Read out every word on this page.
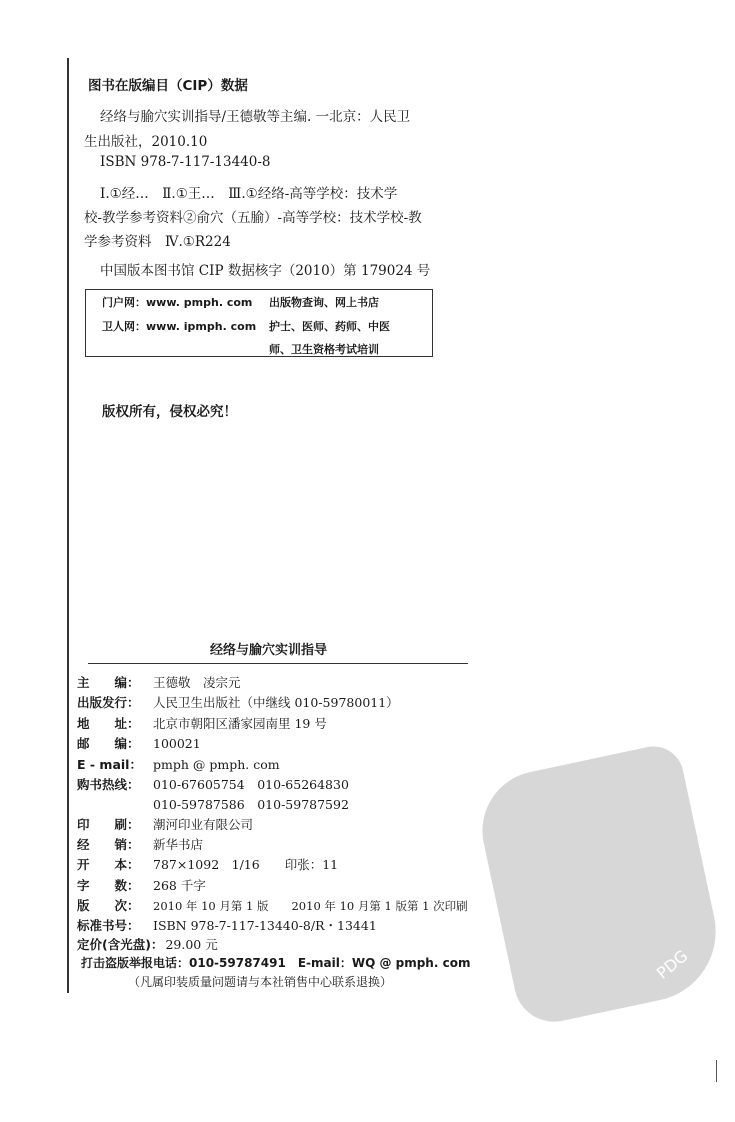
图书在版编目（CIP）数据
经络与腧穴实训指导/王德敬等主编. 一北京：人民卫
生出版社，2010.10
ISBN 978-7-117-13440-8
Ⅰ.①经…　Ⅱ.①王…　Ⅲ.①经络-高等学校：技术学
校-教学参考资料②俞穴（五腧）-高等学校：技术学校-教
学参考资料　Ⅳ.①R224
中国版本图书馆 CIP 数据核字（2010）第 179024 号
门户网：www. pmph. com 出版物查询、网上书店
卫人网：www. ipmph. com 护士、医师、药师、中医
师、卫生资格考试培训
版权所有，侵权必究！
经络与腧穴实训指导
主　　编： 王德敬　凌宗元
出版发行： 人民卫生出版社（中继线 010-59780011）
地　　址： 北京市朝阳区潘家园南里 19 号
邮　　编： 100021
E - mail： pmph @ pmph. com
购书热线： 010-67605754　010-65264830
010-59787586　010-59787592
印　　刷： 潮河印业有限公司
经　　销： 新华书店
开　　本： 787×1092　1/16　　印张：11
字　　数： 268 千字
版　　次： 2010 年 10 月第 1 版　　2010 年 10 月第 1 版第 1 次印刷
标准书号： ISBN 978-7-117-13440-8/R・13441
定价(含光盘)： 29.00 元
打击盗版举报电话：010-59787491　E-mail：WQ @ pmph. com
（凡属印装质量问题请与本社销售中心联系退换）	PDG
